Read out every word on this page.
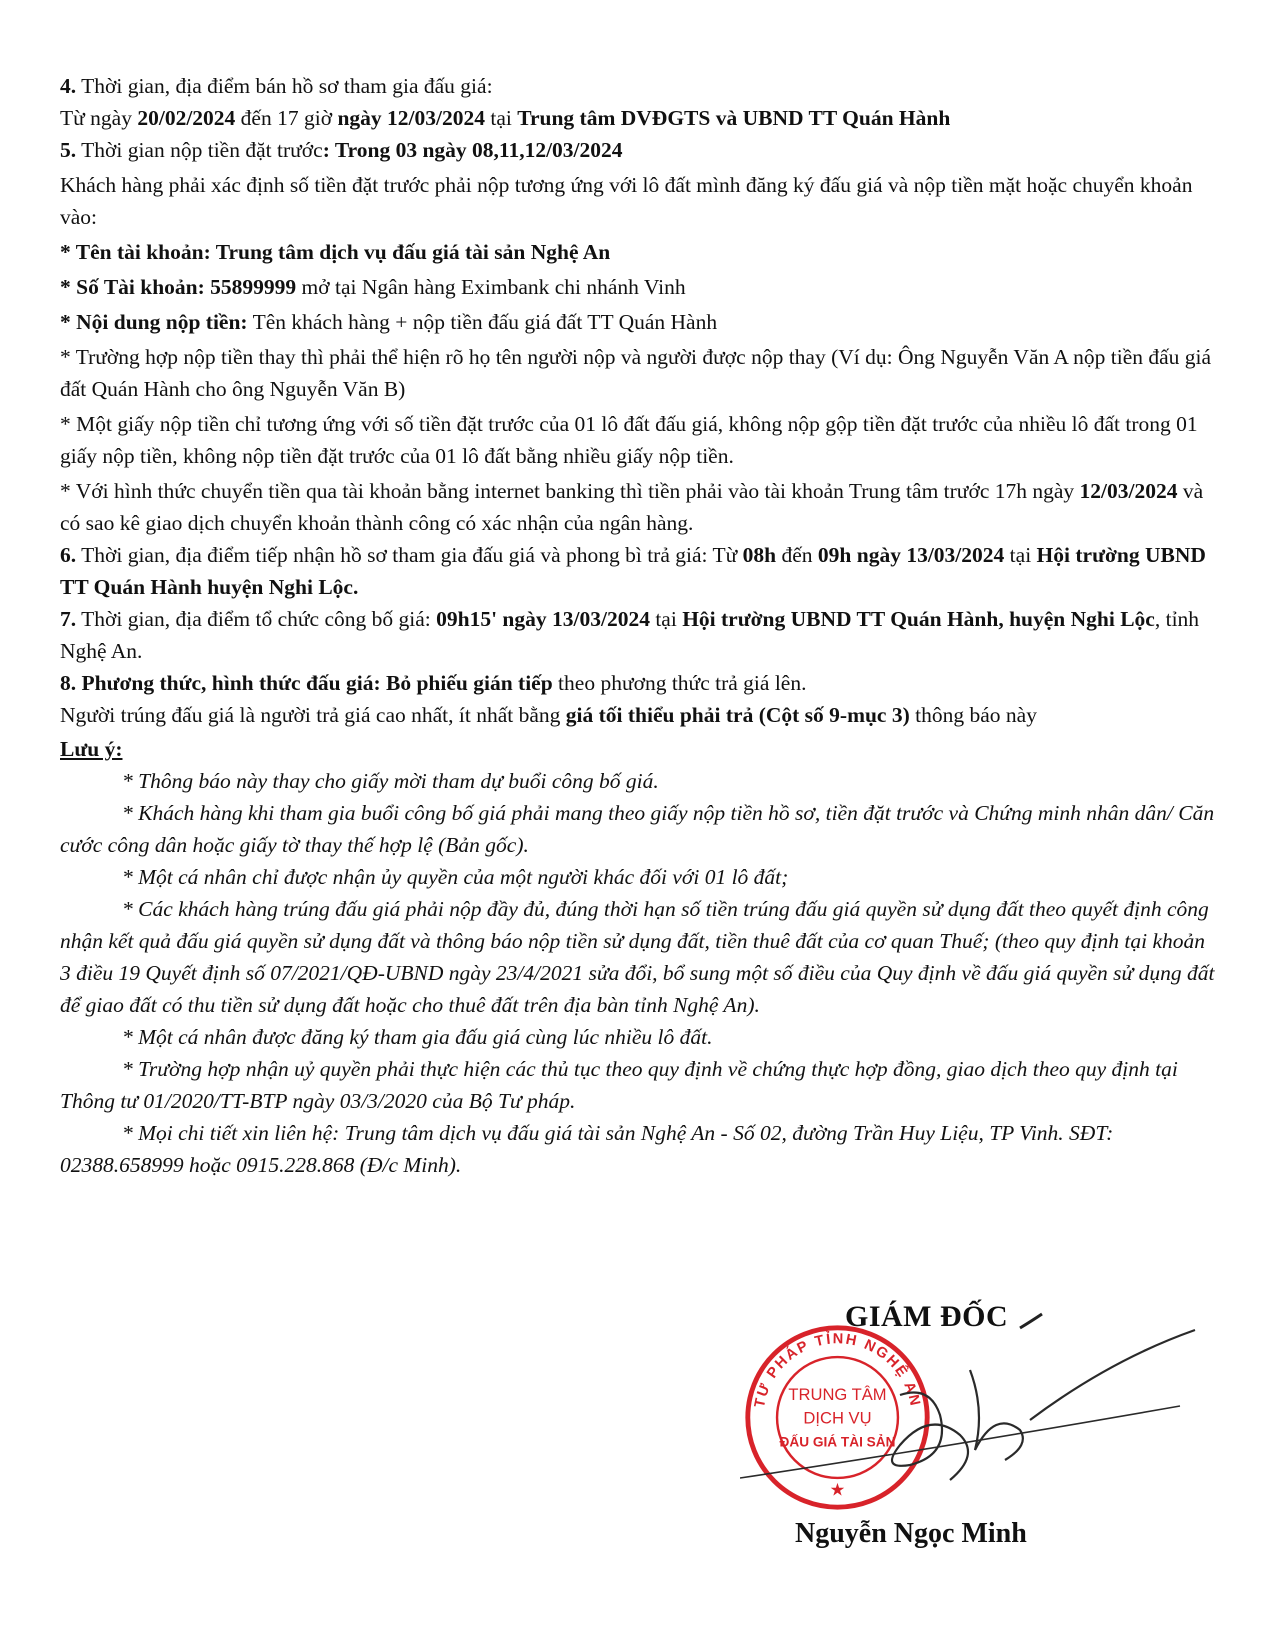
4. Thời gian, địa điểm bán hồ sơ tham gia đấu giá:

Từ ngày 20/02/2024 đến 17 giờ ngày 12/03/2024 tại Trung tâm DVĐGTS và UBND TT Quán Hành

5. Thời gian nộp tiền đặt trước: Trong 03 ngày 08,11,12/03/2024

Khách hàng phải xác định số tiền đặt trước phải nộp tương ứng với lô đất mình đăng ký đấu giá và nộp tiền mặt hoặc chuyển khoản vào:

* Tên tài khoản: Trung tâm dịch vụ đấu giá tài sản Nghệ An

* Số Tài khoản: 55899999 mở tại Ngân hàng Eximbank chi nhánh Vinh

* Nội dung nộp tiền: Tên khách hàng + nộp tiền đấu giá đất TT Quán Hành

* Trường hợp nộp tiền thay thì phải thể hiện rõ họ tên người nộp và người được nộp thay (Ví dụ: Ông Nguyễn Văn A nộp tiền đấu giá đất Quán Hành cho ông Nguyễn Văn B)

* Một giấy nộp tiền chỉ tương ứng với số tiền đặt trước của 01 lô đất đấu giá, không nộp gộp tiền đặt trước của nhiều lô đất trong 01 giấy nộp tiền, không nộp tiền đặt trước của 01 lô đất bằng nhiều giấy nộp tiền.

* Với hình thức chuyển tiền qua tài khoản bằng internet banking thì tiền phải vào tài khoản Trung tâm trước 17h ngày 12/03/2024 và có sao kê giao dịch chuyển khoản thành công có xác nhận của ngân hàng.

6. Thời gian, địa điểm tiếp nhận hồ sơ tham gia đấu giá và phong bì trả giá: Từ 08h đến 09h ngày 13/03/2024 tại Hội trường UBND TT Quán Hành huyện Nghi Lộc.

7. Thời gian, địa điểm tổ chức công bố giá: 09h15' ngày 13/03/2024 tại Hội trường UBND TT Quán Hành, huyện Nghi Lộc, tỉnh Nghệ An.

8. Phương thức, hình thức đấu giá: Bỏ phiếu gián tiếp theo phương thức trả giá lên.

Người trúng đấu giá là người trả giá cao nhất, ít nhất bằng giá tối thiểu phải trả (Cột số 9-mục 3) thông báo này

Lưu ý:

* Thông báo này thay cho giấy mời tham dự buổi công bố giá.

* Khách hàng khi tham gia buổi công bố giá phải mang theo giấy nộp tiền hồ sơ, tiền đặt trước và Chứng minh nhân dân/ Căn cước công dân hoặc giấy tờ thay thế hợp lệ (Bản gốc).

* Một cá nhân chỉ được nhận ủy quyền của một người khác đối với 01 lô đất;

* Các khách hàng trúng đấu giá phải nộp đầy đủ, đúng thời hạn số tiền trúng đấu giá quyền sử dụng đất theo quyết định công nhận kết quả đấu giá quyền sử dụng đất và thông báo nộp tiền sử dụng đất, tiền thuê đất của cơ quan Thuế; (theo quy định tại khoản 3 điều 19 Quyết định số 07/2021/QĐ-UBND ngày 23/4/2021 sửa đổi, bổ sung một số điều của Quy định về đấu giá quyền sử dụng đất để giao đất có thu tiền sử dụng đất hoặc cho thuê đất trên địa bàn tỉnh Nghệ An).

* Một cá nhân được đăng ký tham gia đấu giá cùng lúc nhiều lô đất.

* Trường hợp nhận uỷ quyền phải thực hiện các thủ tục theo quy định về chứng thực hợp đồng, giao dịch theo quy định tại Thông tư 01/2020/TT-BTP ngày 03/3/2020 của Bộ Tư pháp.

* Mọi chi tiết xin liên hệ: Trung tâm dịch vụ đấu giá tài sản Nghệ An - Số 02, đường Trần Huy Liệu, TP Vinh. SĐT: 02388.658999 hoặc 0915.228.868 (Đ/c Minh).

TƯ PHÁP TỈNH NGHỆ AN
TRUNG TÂM
DỊCH VỤ
ĐẤU GIÁ TÀI SẢN
★
GIÁM ĐỐC
Nguyễn Ngọc Minh
